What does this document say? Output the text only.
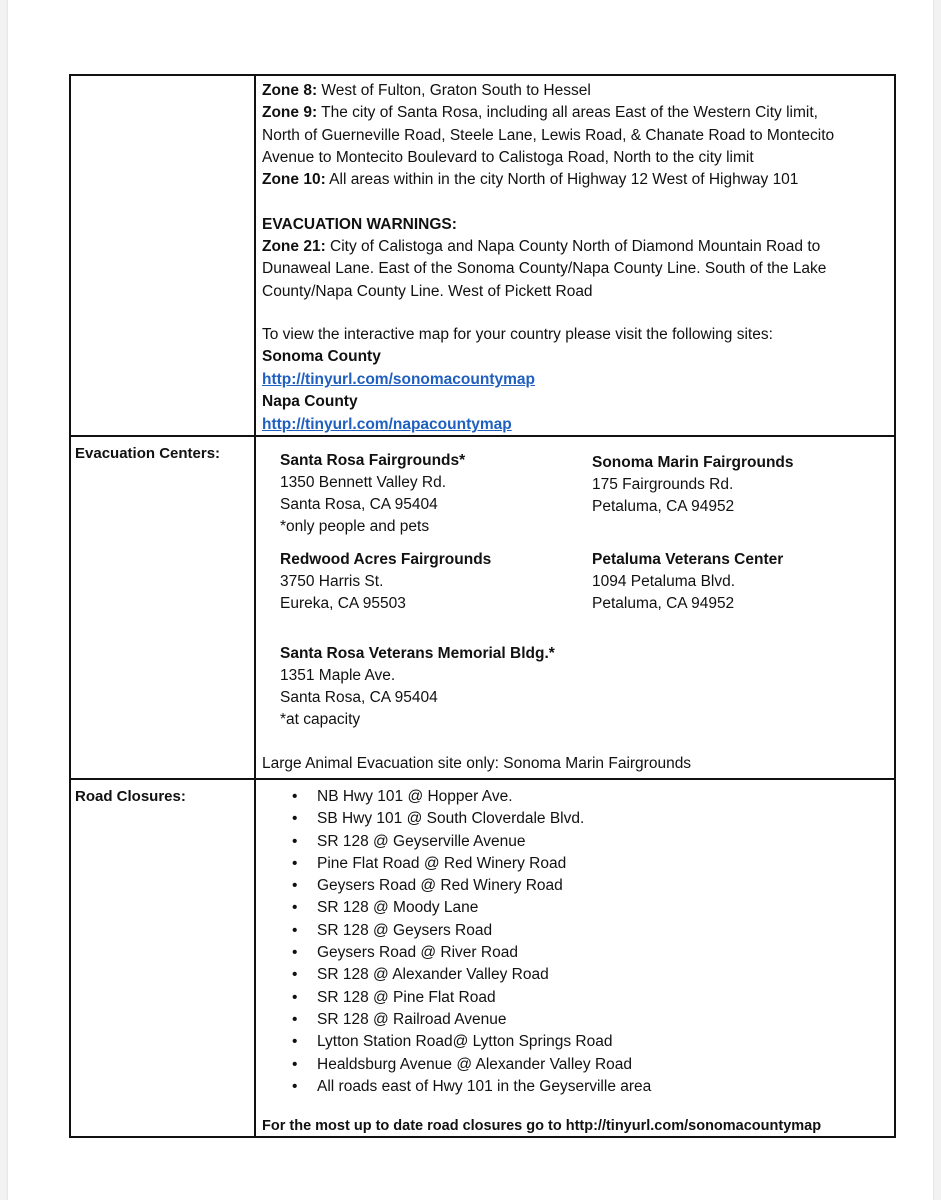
Zone 8: West of Fulton, Graton South to Hessel
Zone 9: The city of Santa Rosa, including all areas East of the Western City limit,
North of Guerneville Road, Steele Lane, Lewis Road, & Chanate Road to Montecito
Avenue to Montecito Boulevard to Calistoga Road, North to the city limit
Zone 10: All areas within in the city North of Highway 12 West of Highway 101
EVACUATION WARNINGS:
Zone 21: City of Calistoga and Napa County North of Diamond Mountain Road to
Dunaweal Lane. East of the Sonoma County/Napa County Line. South of the Lake
County/Napa County Line. West of Pickett Road
To view the interactive map for your country please visit the following sites:
Sonoma County
http://tinyurl.com/sonomacountymap
Napa County
http://tinyurl.com/napacountymap
Evacuation Centers:	Santa Rosa Fairgrounds*
1350 Bennett Valley Rd.
Santa Rosa, CA 95404
*only people and pets
Sonoma Marin Fairgrounds
175 Fairgrounds Rd.
Petaluma, CA 94952
Redwood Acres Fairgrounds
3750 Harris St.
Eureka, CA 95503
Petaluma Veterans Center
1094 Petaluma Blvd.
Petaluma, CA 94952
Santa Rosa Veterans Memorial Bldg.*
1351 Maple Ave.
Santa Rosa, CA 95404
*at capacity
Large Animal Evacuation site only: Sonoma Marin Fairgrounds
Road Closures:	• NB Hwy 101 @ Hopper Ave.
• SB Hwy 101 @ South Cloverdale Blvd.
• SR 128 @ Geyserville Avenue
• Pine Flat Road @ Red Winery Road
• Geysers Road @ Red Winery Road
• SR 128 @ Moody Lane
• SR 128 @ Geysers Road
• Geysers Road @ River Road
• SR 128 @ Alexander Valley Road
• SR 128 @ Pine Flat Road
• SR 128 @ Railroad Avenue
• Lytton Station Road@ Lytton Springs Road
• Healdsburg Avenue @ Alexander Valley Road
• All roads east of Hwy 101 in the Geyserville area
For the most up to date road closures go to http://tinyurl.com/sonomacountymap
